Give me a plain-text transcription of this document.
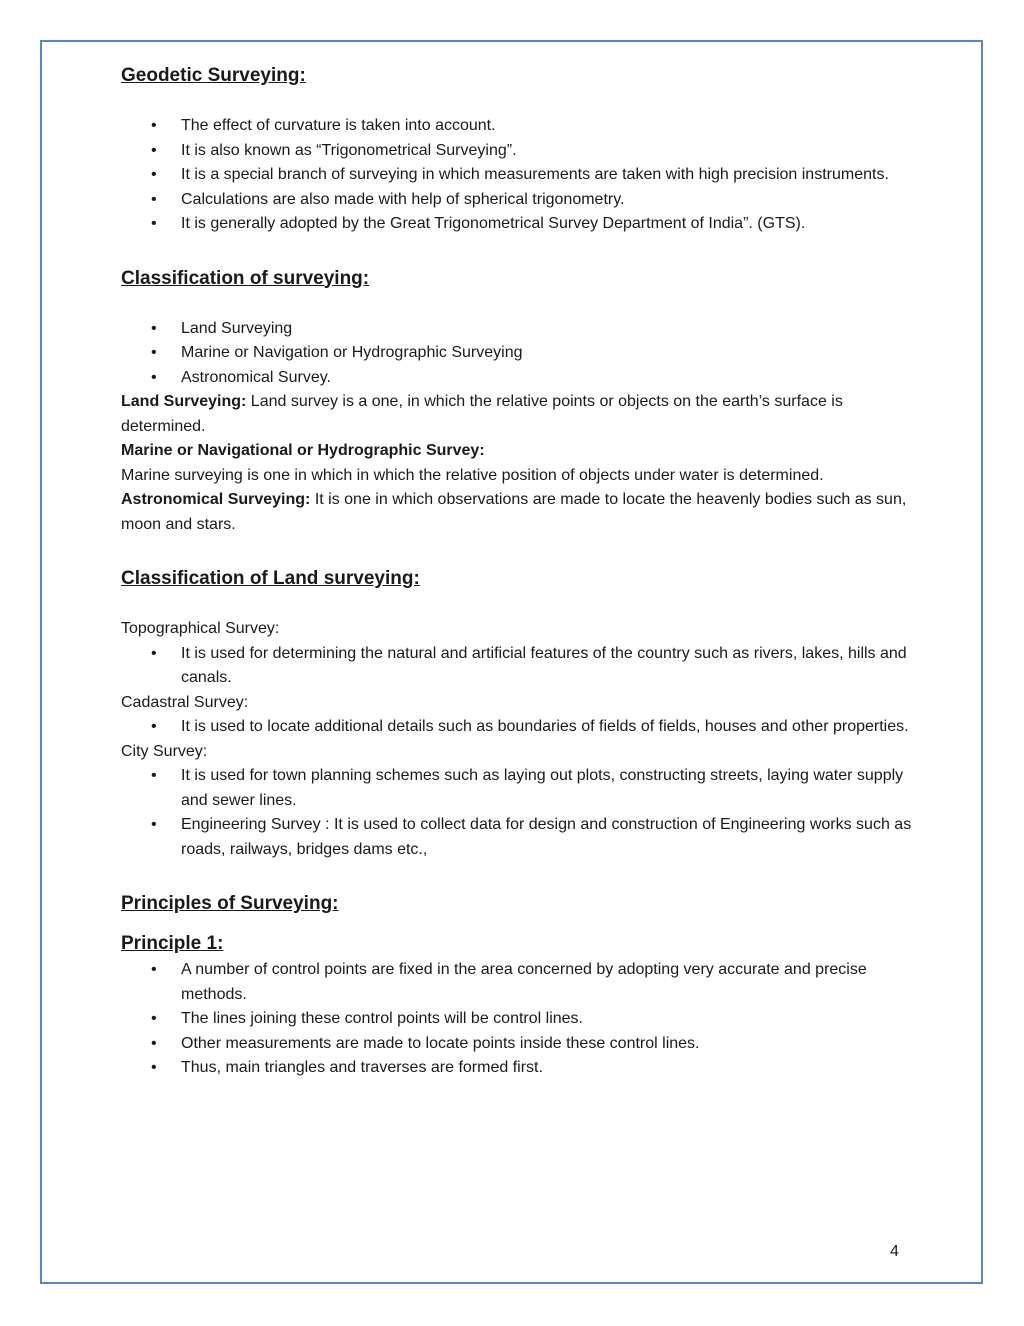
Geodetic Surveying:
• The effect of curvature is taken into account.
• It is also known as “Trigonometrical Surveying”.
• It is a special branch of surveying in which measurements are taken with high precision instruments.
• Calculations are also made with help of spherical trigonometry.
• It is generally adopted by the Great Trigonometrical Survey Department of India”. (GTS).
Classification of surveying:
• Land Surveying
• Marine or Navigation or Hydrographic Surveying
• Astronomical Survey.

Land Surveying: Land survey is a one, in which the relative points or objects on the earth’s surface is determined.

Marine or Navigational or Hydrographic Survey:

Marine surveying is one in which in which the relative position of objects under water is determined.

Astronomical Surveying: It is one in which observations are made to locate the heavenly bodies such as sun, moon and stars.

Classification of Land surveying:

Topographical Survey:

• It is used for determining the natural and artificial features of the country such as rivers, lakes, hills and canals.

Cadastral Survey:

• It is used to locate additional details such as boundaries of fields of fields, houses and other properties.

City Survey:

• It is used for town planning schemes such as laying out plots, constructing streets, laying water supply and sewer lines.
• Engineering Survey : It is used to collect data for design and construction of Engineering works such as roads, railways, bridges dams etc.,
Principles of Surveying:
Principle 1:
• A number of control points are fixed in the area concerned by adopting very accurate and precise methods.
• The lines joining these control points will be control lines.
• Other measurements are made to locate points inside these control lines.
• Thus, main triangles and traverses are formed first.
4
